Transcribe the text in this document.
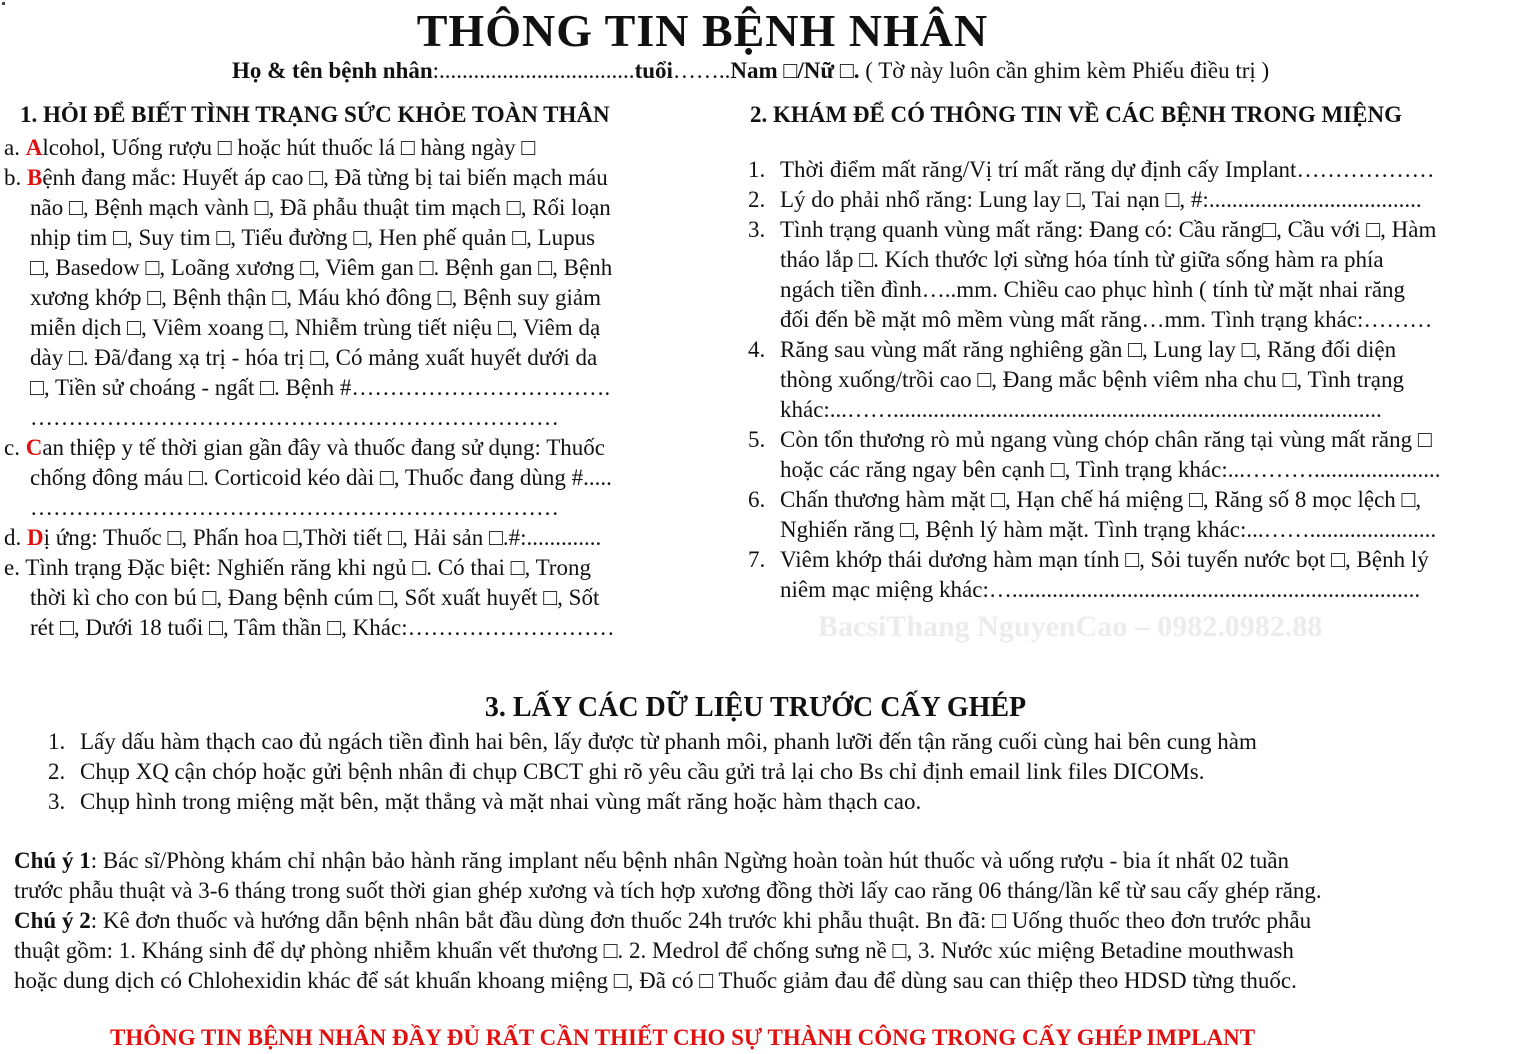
THÔNG TIN BỆNH NHÂN
Họ & tên bệnh nhân:..................................tuổi……..Nam □/Nữ □. ( Tờ này luôn cần ghim kèm Phiếu điều trị )
1. HỎI ĐỂ BIẾT TÌNH TRẠNG SỨC KHỎE TOÀN THÂN
a. Alcohol, Uống rượu □ hoặc hút thuốc lá □ hàng ngày □
b. Bệnh đang mắc: Huyết áp cao □, Đã từng bị tai biến mạch máu
não □, Bệnh mạch vành □, Đã phẫu thuật tim mạch □, Rối loạn
nhịp tim □, Suy tim □, Tiểu đường □, Hen phế quản □, Lupus
□, Basedow □, Loãng xương □, Viêm gan □. Bệnh gan □, Bệnh
xương khớp □, Bệnh thận □, Máu khó đông □, Bệnh suy giảm
miễn dịch □, Viêm xoang □, Nhiễm trùng tiết niệu □, Viêm dạ
dày □. Đã/đang xạ trị - hóa trị □, Có mảng xuất huyết dưới da
□, Tiền sử choáng - ngất □. Bệnh #…………………………….
……………………………………………………………
c. Can thiệp y tế thời gian gần đây và thuốc đang sử dụng: Thuốc
chống đông máu □. Corticoid kéo dài □, Thuốc đang dùng #.....
……………………………………………………………
d. Dị ứng: Thuốc □, Phấn hoa □,Thời tiết □, Hải sản □.#:.............
e. Tình trạng Đặc biệt: Nghiến răng khi ngủ □. Có thai □, Trong
thời kì cho con bú □, Đang bệnh cúm □, Sốt xuất huyết □, Sốt
rét □, Dưới 18 tuổi □, Tâm thần □, Khác:………………………
2. KHÁM ĐỂ CÓ THÔNG TIN VỀ CÁC BỆNH TRONG MIỆNG
1. Thời điểm mất răng/Vị trí mất răng dự định cấy Implant………………
2. Lý do phải nhổ răng: Lung lay □, Tai nạn □, #:.....................................
3. Tình trạng quanh vùng mất răng: Đang có: Cầu răng□, Cầu với □, Hàm
tháo lắp □. Kích thước lợi sừng hóa tính từ giữa sống hàm ra phía
ngách tiền đình…..mm. Chiều cao phục hình ( tính từ mặt nhai răng
đối đến bề mặt mô mềm vùng mất răng…mm. Tình trạng khác:………
4. Răng sau vùng mất răng nghiêng gần □, Lung lay □, Răng đối diện
thòng xuống/trồi cao □, Đang mắc bệnh viêm nha chu □, Tình trạng
khác:...…….....................................................................................
5. Còn tổn thương rò mủ ngang vùng chóp chân răng tại vùng mất răng □
hoặc các răng ngay bên cạnh □, Tình trạng khác:...………......................
6. Chấn thương hàm mặt □, Hạn chế há miệng □, Răng số 8 mọc lệch □,
Nghiến răng □, Bệnh lý hàm mặt. Tình trạng khác:...……......................
7. Viêm khớp thái dương hàm mạn tính □, Sỏi tuyến nước bọt □, Bệnh lý
niêm mạc miệng khác:….......................................................................
BacsiThang NguyenCao – 0982.0982.88
3. LẤY CÁC DỮ LIỆU TRƯỚC CẤY GHÉP
1. Lấy dấu hàm thạch cao đủ ngách tiền đình hai bên, lấy được từ phanh môi, phanh lưỡi đến tận răng cuối cùng hai bên cung hàm
2. Chụp XQ cận chóp hoặc gửi bệnh nhân đi chụp CBCT ghi rõ yêu cầu gửi trả lại cho Bs chỉ định email link files DICOMs.
3. Chụp hình trong miệng mặt bên, mặt thẳng và mặt nhai vùng mất răng hoặc hàm thạch cao.
Chú ý 1: Bác sĩ/Phòng khám chỉ nhận bảo hành răng implant nếu bệnh nhân Ngừng hoàn toàn hút thuốc và uống rượu - bia ít nhất 02 tuần
trước phẫu thuật và 3-6 tháng trong suốt thời gian ghép xương và tích hợp xương đồng thời lấy cao răng 06 tháng/lần kể từ sau cấy ghép răng.
Chú ý 2: Kê đơn thuốc và hướng dẫn bệnh nhân bắt đầu dùng đơn thuốc 24h trước khi phẫu thuật. Bn đã: □ Uống thuốc theo đơn trước phẫu
thuật gồm: 1. Kháng sinh để dự phòng nhiễm khuẩn vết thương □. 2. Medrol để chống sưng nề □, 3. Nước xúc miệng Betadine mouthwash
hoặc dung dịch có Chlohexidin khác để sát khuẩn khoang miệng □, Đã có □ Thuốc giảm đau để dùng sau can thiệp theo HDSD từng thuốc.
THÔNG TIN BỆNH NHÂN ĐẦY ĐỦ RẤT CẦN THIẾT CHO SỰ THÀNH CÔNG TRONG CẤY GHÉP IMPLANT
